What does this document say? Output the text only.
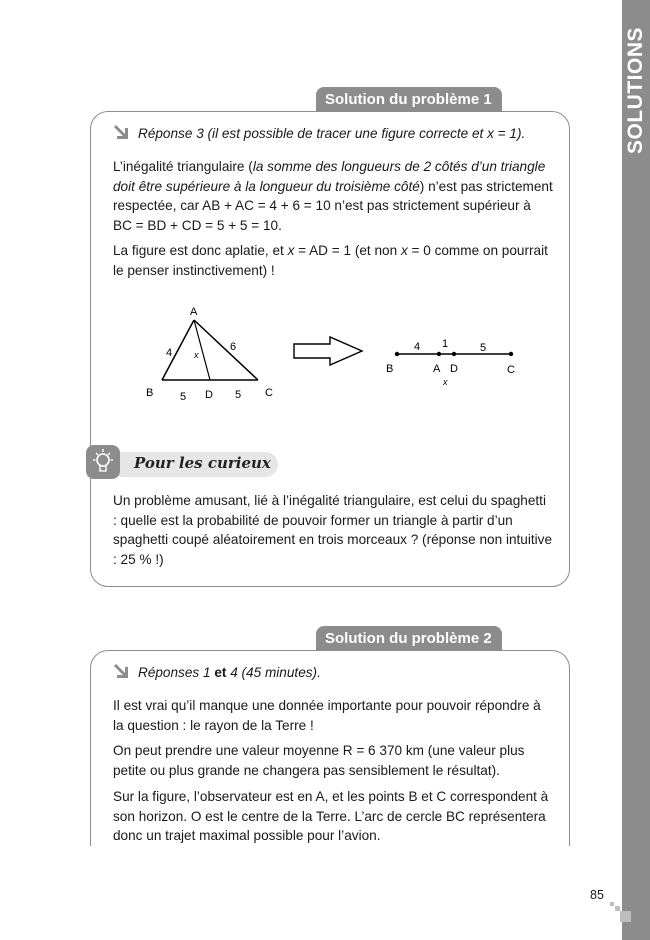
SOLUTIONS
Solution du problème 1
Réponse 3 (il est possible de tracer une figure correcte et x = 1).
L’inégalité triangulaire (la somme des longueurs de 2 côtés d’un triangle doit être supérieure à la longueur du troisième côté) n’est pas strictement respectée, car AB + AC = 4 + 6 = 10 n’est pas strictement supérieur à BC = BD + CD = 5 + 5 = 10.
La figure est donc aplatie, et x = AD = 1 (et non x = 0 comme on pourrait le penser instinctivement) !
A
B	C
D
x
4	6
5	5
4 1	5
B	A D	C
x
Pour les curieux
Un problème amusant, lié à l’inégalité triangulaire, est celui du spaghetti : quelle est la probabilité de pouvoir former un triangle à partir d’un spaghetti coupé aléatoirement en trois morceaux ? (réponse non intuitive : 25 % !)
Solution du problème 2
Réponses 1 et 4 (45 minutes).
Il est vrai qu’il manque une donnée importante pour pouvoir répondre à la question : le rayon de la Terre !
On peut prendre une valeur moyenne R = 6 370 km (une valeur plus petite ou plus grande ne changera pas sensiblement le résultat).
Sur la figure, l’observateur est en A, et les points B et C correspondent à son horizon. O est le centre de la Terre. L’arc de cercle BC représentera donc un trajet maximal possible pour l’avion.
85
